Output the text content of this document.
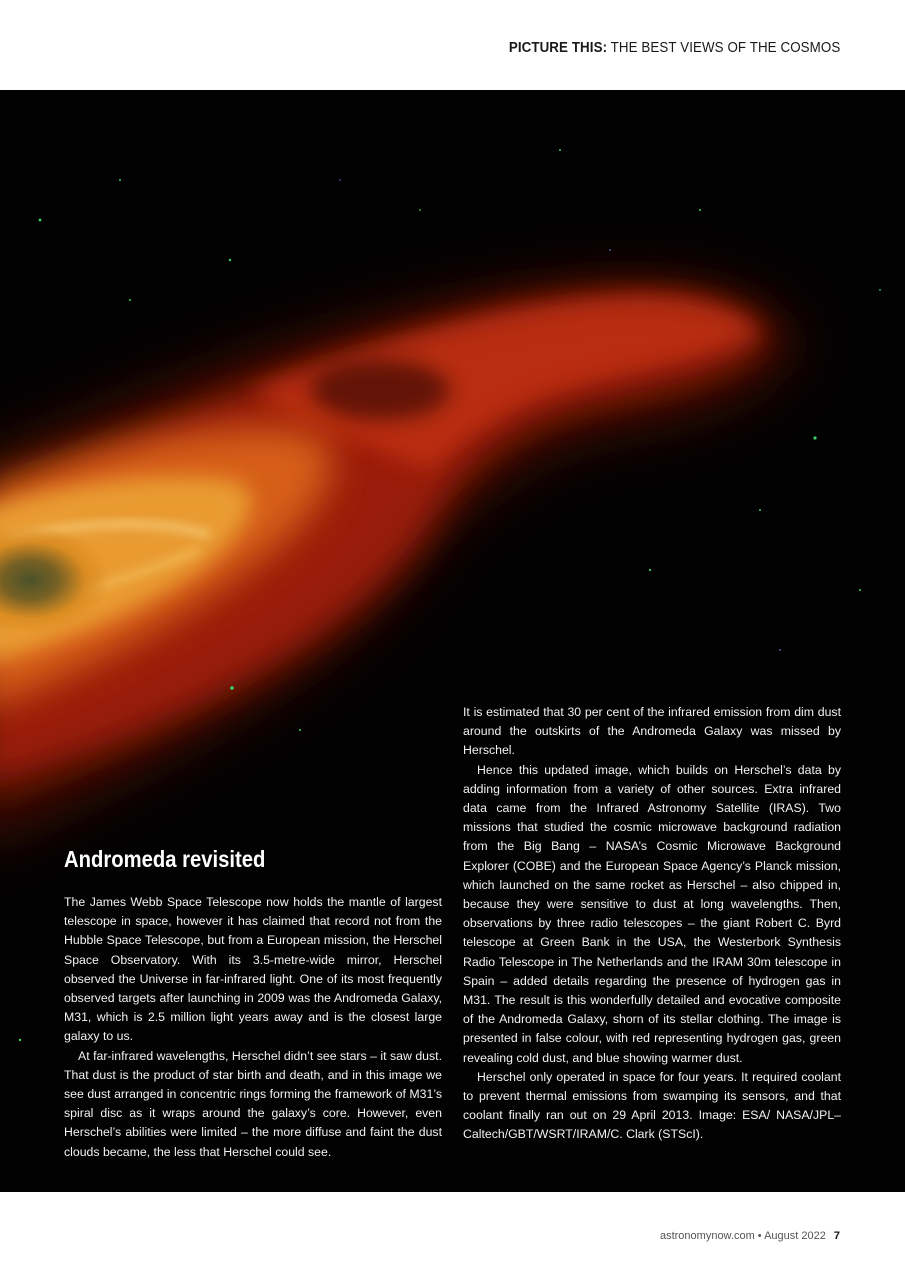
PICTURE THIS: THE BEST VIEWS OF THE COSMOS
Andromeda revisited

The James Webb Space Telescope now holds the mantle of largest telescope in space, however it has claimed that record not from the Hubble Space Telescope, but from a European mission, the Herschel Space Observatory. With its 3.5-metre-wide mirror, Herschel observed the Universe in far-infrared light. One of its most frequently observed targets after launching in 2009 was the Andromeda Galaxy, M31, which is 2.5 million light years away and is the closest large galaxy to us.

At far-infrared wavelengths, Herschel didn’t see stars – it saw dust. That dust is the product of star birth and death, and in this image we see dust arranged in concentric rings forming the framework of M31’s spiral disc as it wraps around the galaxy’s core. However, even Herschel’s abilities were limited – the more diffuse and faint the dust clouds became, the less that Herschel could see.

It is estimated that 30 per cent of the infrared emission from dim dust around the outskirts of the Andromeda Galaxy was missed by Herschel.

Hence this updated image, which builds on Herschel’s data by adding information from a variety of other sources. Extra infrared data came from the Infrared Astronomy Satellite (IRAS). Two missions that studied the cosmic microwave background radiation from the Big Bang – NASA’s Cosmic Microwave Background Explorer (COBE) and the European Space Agency’s Planck mission, which launched on the same rocket as Herschel – also chipped in, because they were sensitive to dust at long wavelengths. Then, observations by three radio telescopes – the giant Robert C. Byrd telescope at Green Bank in the USA, the Westerbork Synthesis Radio Telescope in The Netherlands and the IRAM 30m telescope in Spain – added details regarding the presence of hydrogen gas in M31. The result is this wonderfully detailed and evocative composite of the Andromeda Galaxy, shorn of its stellar clothing. The image is presented in false colour, with red representing hydrogen gas, green revealing cold dust, and blue showing warmer dust.

Herschel only operated in space for four years. It required coolant to prevent thermal emissions from swamping its sensors, and that coolant finally ran out on 29 April 2013. Image: ESA/ NASA/JPL–Caltech/GBT/WSRT/IRAM/C. Clark (STScI).

astronomynow.com • August 2022 7
